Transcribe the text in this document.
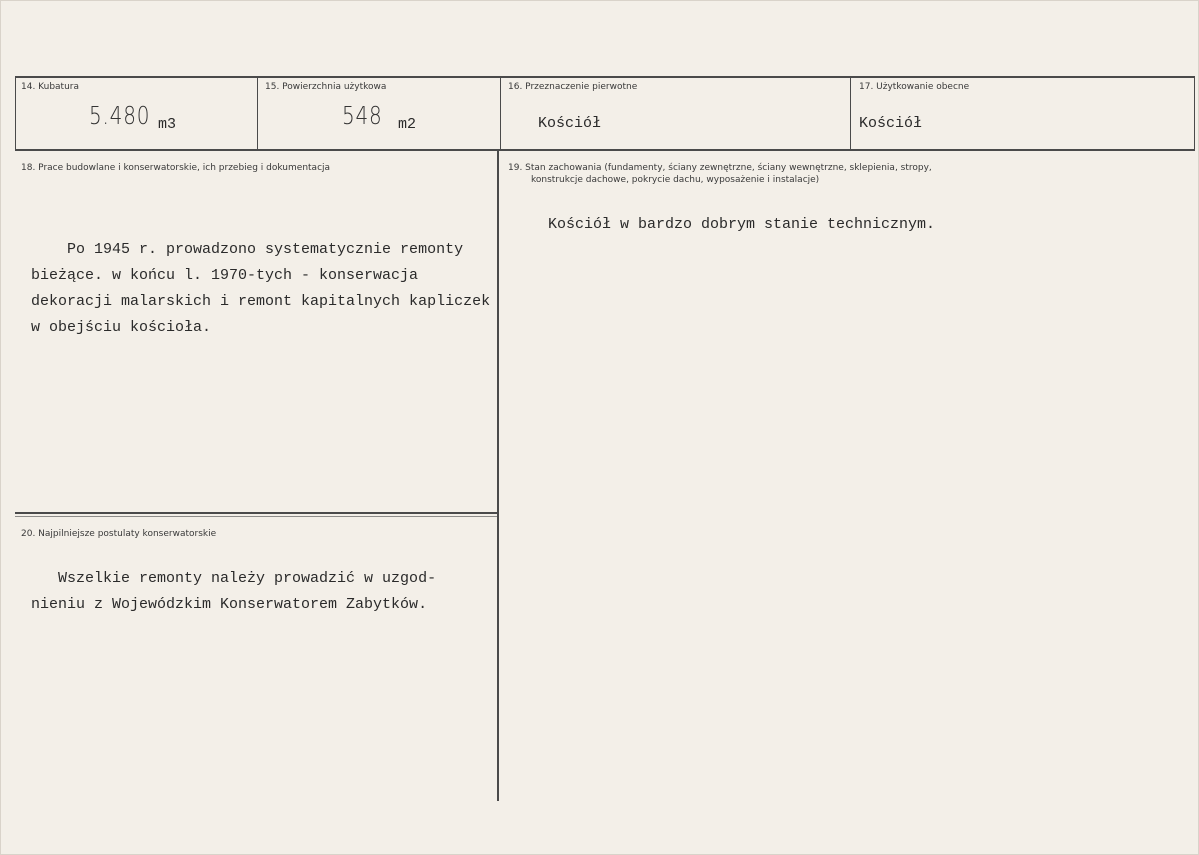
14. Kubatura
5.480 m3
15. Powierzchnia użytkowa
548 m2
16. Przeznaczenie pierwotne
Kościół
17. Użytkowanie obecne
Kościół
18. Prace budowlane i konserwatorskie, ich przebieg i dokumentacja
Po 1945 r. prowadzono systematycznie remonty
bieżące. w końcu l. 1970-tych - konserwacja
dekoracji malarskich i remont kapitalnych kapliczek
w obejściu kościoła.
19. Stan zachowania (fundamenty, ściany zewnętrzne, ściany wewnętrzne, sklepienia, stropy,
konstrukcje dachowe, pokrycie dachu, wyposażenie i instalacje)
Kościół w bardzo dobrym stanie technicznym.
20. Najpilniejsze postulaty konserwatorskie
Wszelkie remonty należy prowadzić w uzgod-
nieniu z Wojewódzkim Konserwatorem Zabytków.
